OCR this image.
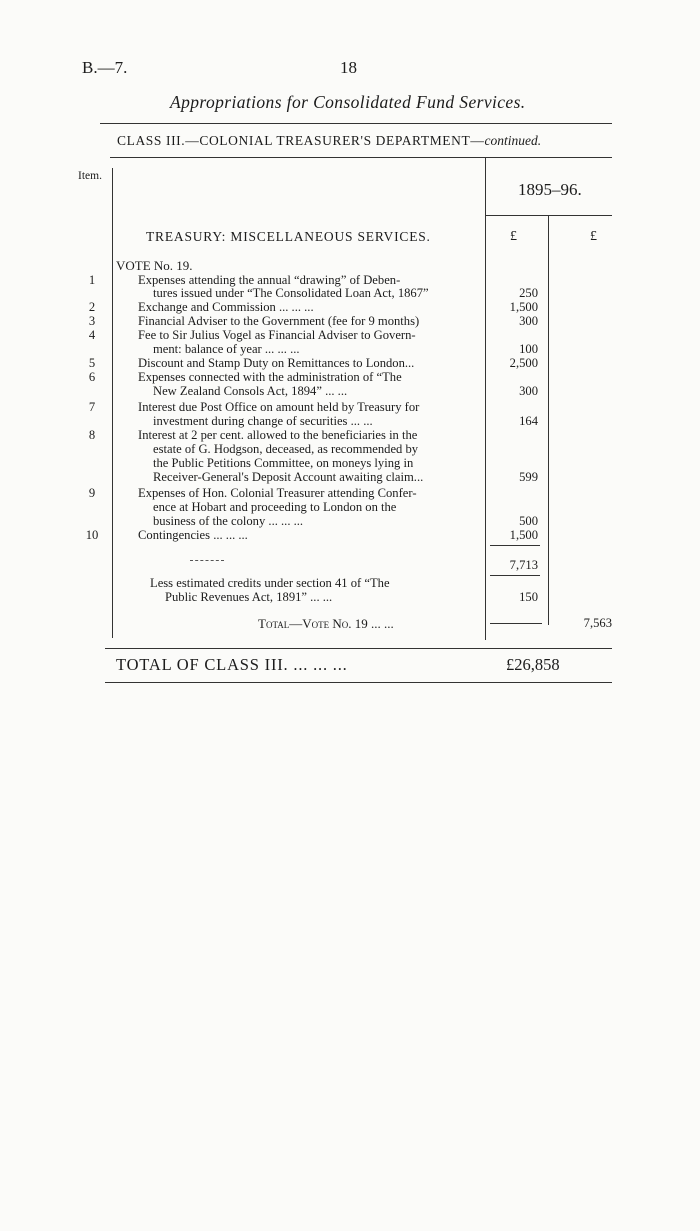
B.—7.	18
Appropriations for Consolidated Fund Services.
CLASS III.—COLONIAL TREASURER'S DEPARTMENT—continued.
Item.
1895–96.
TREASURY: MISCELLANEOUS SERVICES.	£	£
VOTE No. 19.
1	Expenses attending the annual “drawing” of Deben-
tures issued under “The Consolidated Loan Act, 1867”	250
2	Exchange and Commission ... ... ...	1,500
3	Financial Adviser to the Government (fee for 9 months)	300
4	Fee to Sir Julius Vogel as Financial Adviser to Govern-
ment: balance of year ... ... ...	100
5	Discount and Stamp Duty on Remittances to London...	2,500
6	Expenses connected with the administration of “The
New Zealand Consols Act, 1894” ... ...	300
7	Interest due Post Office on amount held by Treasury for
investment during change of securities ... ...	164
8	Interest at 2 per cent. allowed to the beneficiaries in the
estate of G. Hodgson, deceased, as recommended by
the Public Petitions Committee, on moneys lying in
Receiver-General's Deposit Account awaiting claim...	599
9	Expenses of Hon. Colonial Treasurer attending Confer-
ence at Hobart and proceeding to London on the
business of the colony ... ... ...	500
10	Contingencies ... ... ...	1,500
7,713
Less estimated credits under section 41 of “The
Public Revenues Act, 1891” ... ...	150
Total—Vote No. 19 ... ...	7,563
TOTAL OF CLASS III. ... ... ...	£26,858
